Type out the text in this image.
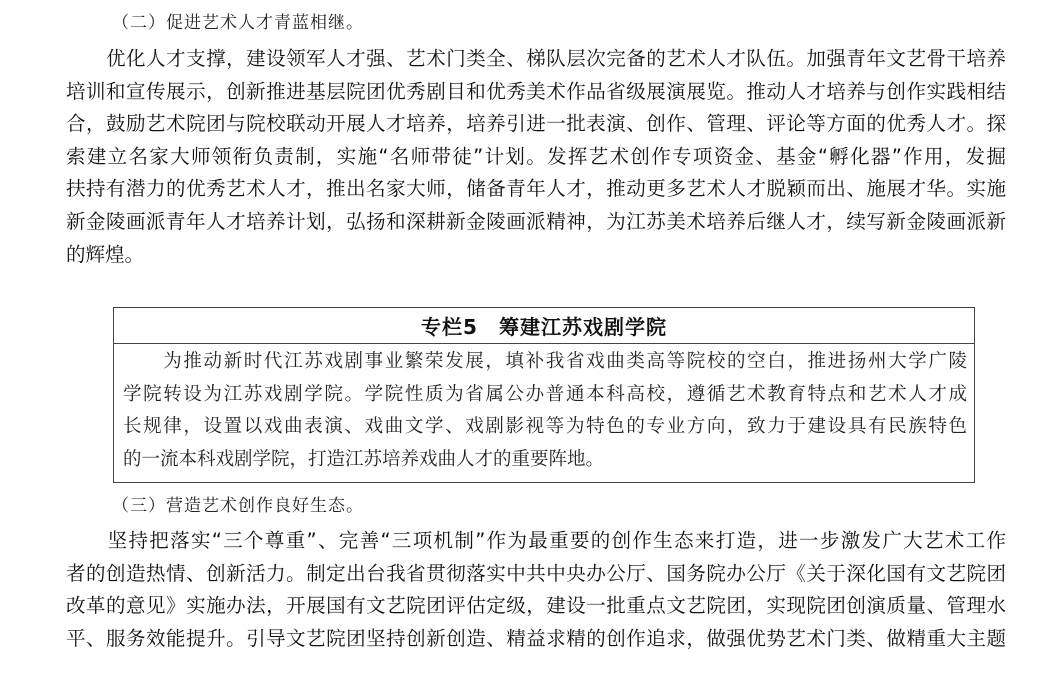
（二）促进艺术人才青蓝相继。
　　优化人才支撑，建设领军人才强、艺术门类全、梯队层次完备的艺术人才队伍。加强青年文艺骨干培养
培训和宣传展示，创新推进基层院团优秀剧目和优秀美术作品省级展演展览。推动人才培养与创作实践相结
合，鼓励艺术院团与院校联动开展人才培养，培养引进一批表演、创作、管理、评论等方面的优秀人才。探
索建立名家大师领衔负责制，实施“名师带徒”计划。发挥艺术创作专项资金、基金“孵化器”作用，发掘
扶持有潜力的优秀艺术人才，推出名家大师，储备青年人才，推动更多艺术人才脱颖而出、施展才华。实施
新金陵画派青年人才培养计划，弘扬和深耕新金陵画派精神，为江苏美术培养后继人才，续写新金陵画派新
的辉煌。
专栏5　筹建江苏戏剧学院
　　为推动新时代江苏戏剧事业繁荣发展，填补我省戏曲类高等院校的空白，推进扬州大学广陵
学院转设为江苏戏剧学院。学院性质为省属公办普通本科高校，遵循艺术教育特点和艺术人才成
长规律，设置以戏曲表演、戏曲文学、戏剧影视等为特色的专业方向，致力于建设具有民族特色
的一流本科戏剧学院，打造江苏培养戏曲人才的重要阵地。
（三）营造艺术创作良好生态。
　　坚持把落实“三个尊重”、完善“三项机制”作为最重要的创作生态来打造，进一步激发广大艺术工作
者的创造热情、创新活力。制定出台我省贯彻落实中共中央办公厅、国务院办公厅《关于深化国有文艺院团
改革的意见》实施办法，开展国有文艺院团评估定级，建设一批重点文艺院团，实现院团创演质量、管理水
平、服务效能提升。引导文艺院团坚持创新创造、精益求精的创作追求，做强优势艺术门类、做精重大主题
